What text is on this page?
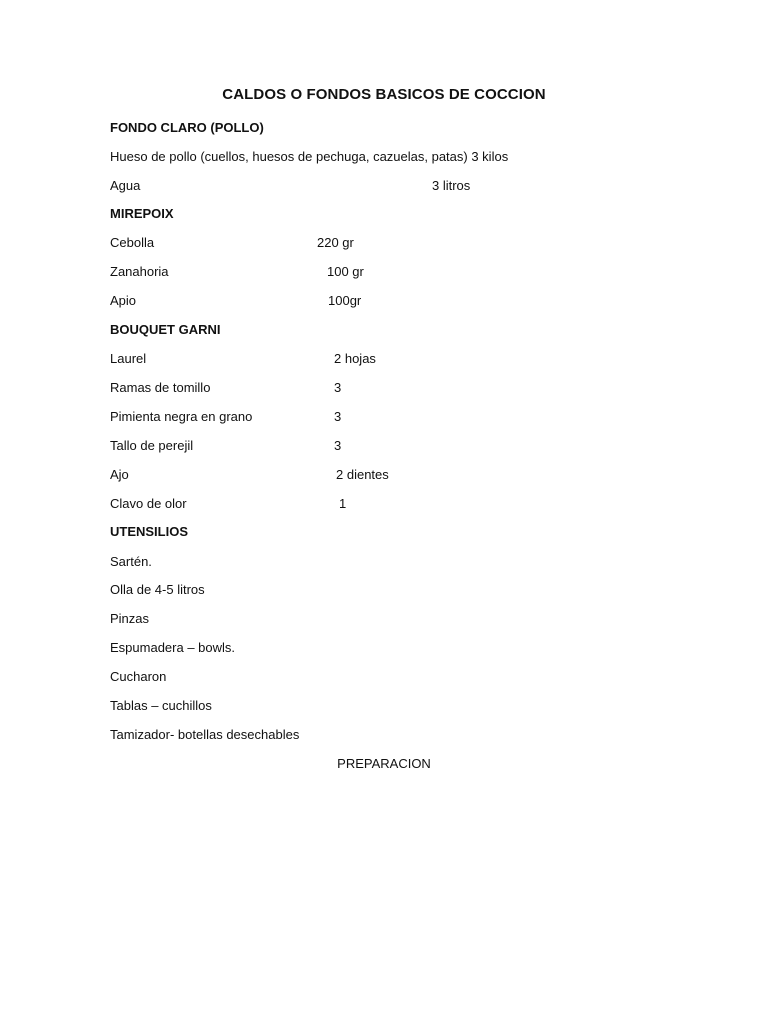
CALDOS O FONDOS BASICOS DE COCCION
FONDO CLARO (POLLO)
Hueso de pollo (cuellos, huesos de pechuga, cazuelas, patas) 3 kilos
Agua	3 litros
MIREPOIX
Cebolla	220 gr
Zanahoria	100 gr
Apio	100gr
BOUQUET GARNI
Laurel	2 hojas
Ramas de tomillo	3
Pimienta negra en grano	3
Tallo de perejil	3
Ajo	2 dientes
Clavo de olor	1
UTENSILIOS
Sartén.
Olla de 4-5 litros
Pinzas
Espumadera – bowls.
Cucharon
Tablas – cuchillos
Tamizador- botellas desechables
PREPARACION
